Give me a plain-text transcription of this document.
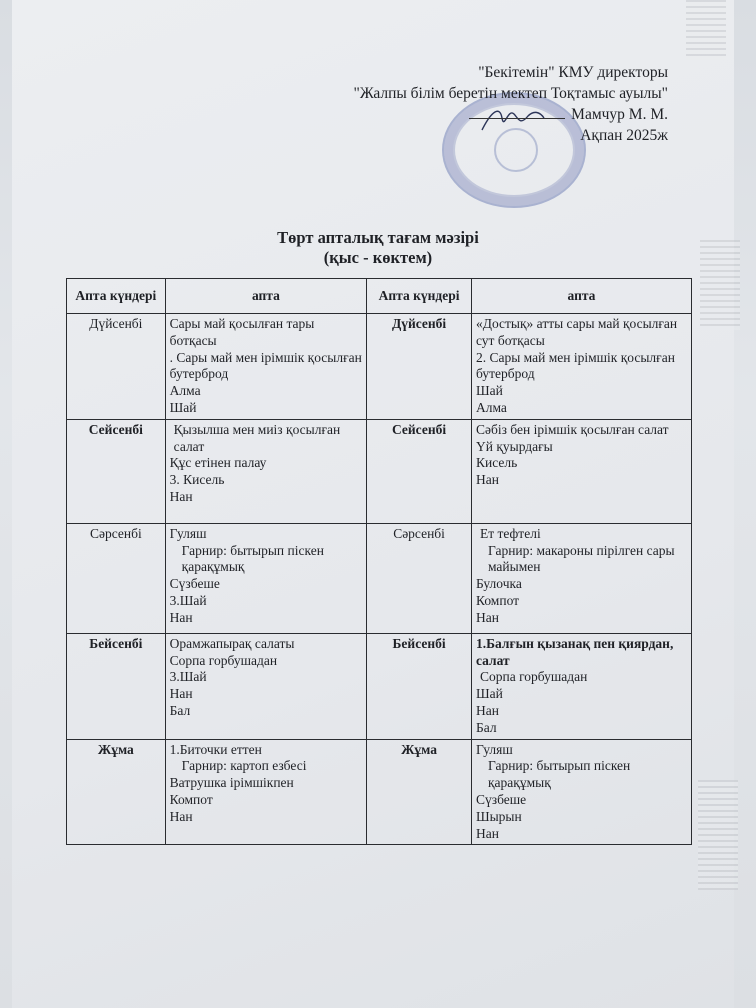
"Бекітемін" КМУ директоры
"Жалпы білім беретін мектеп Тоқтамыс ауылы"
Мамчур М. М.
Ақпан 2025ж
Төрт апталық тағам мәзірі
(қыс - көктем)
Апта күндері	апта	Апта күндері	апта
Дүйсенбі	Сары май қосылған тары ботқасы
. Сары май мен ірімшік қосылған бутерброд
Алма
Шай	Дүйсенбі	«Достық» атты сары май қосылған сут ботқасы
2. Сары май мен ірімшік қосылған бутерброд
Шай
Алма

Сейсенбі	Қызылша мен миіз қосылған салат
Құс етінен палау
3. Кисель
Нан	Сейсенбі	Сәбіз бен ірімшік қосылған салат
Үй қуырдағы
Кисель
Нан

Сәрсенбі	Гуляш
Гарнир: бытырып піскен қарақұмық
Сүзбеше
3.Шай
Нан	Сәрсенбі	Ет тефтелі
Гарнир: макароны пірілген сары майымен
Булочка
Компот
Нан

Бейсенбі	Орамжапырақ салаты
Сорпа горбушадан
3.Шай
Нан
Бал	Бейсенбі	1.Балғын қызанақ пен қиярдан, салат
Сорпа горбушадан
Шай
Нан
Бал

Жұма	1.Биточки еттен
Гарнир: картоп езбесі
Ватрушка ірімшікпен
Компот
Нан	Жұма	Гуляш
Гарнир: бытырып піскен қарақұмық
Сүзбеше
Шырын
Нан
